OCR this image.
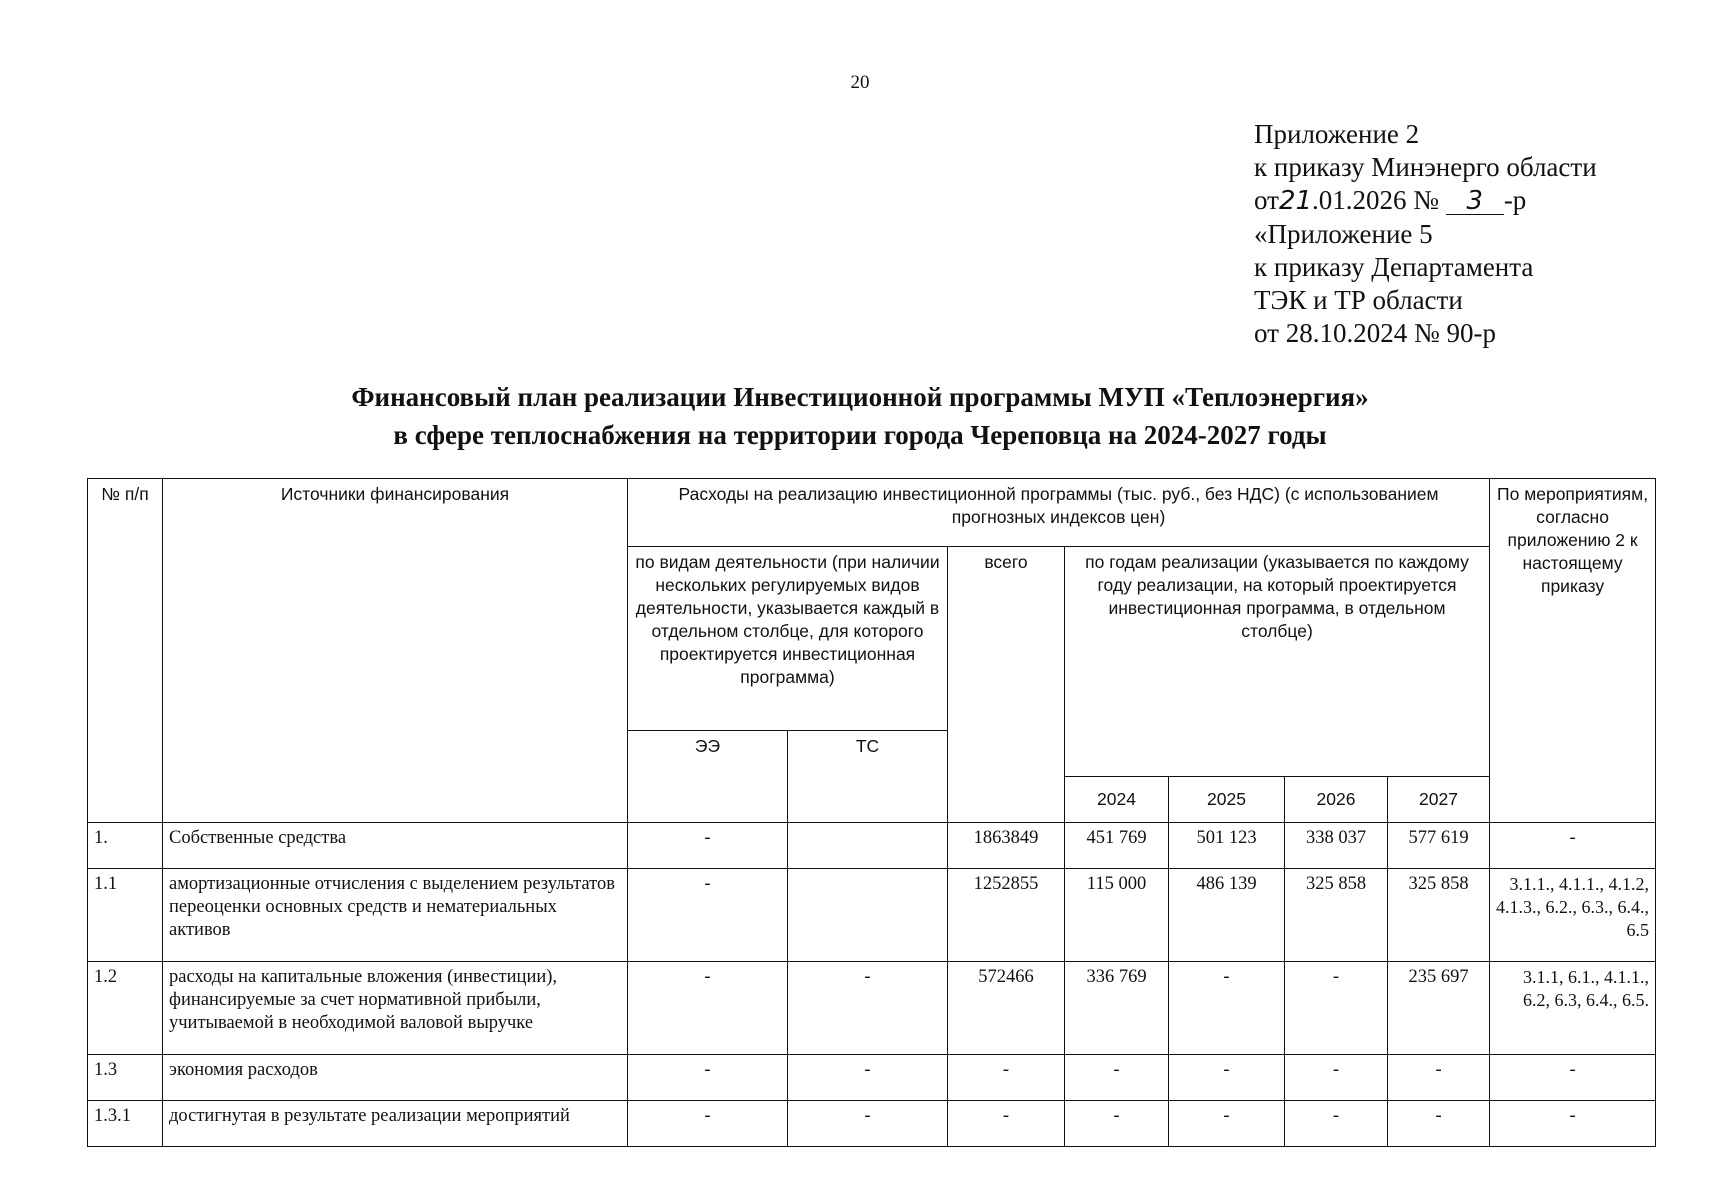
20
Приложение 2
к приказу Минэнерго области
от21.01.2026 № 3 -р
«Приложение 5
к приказу Департамента
ТЭК и ТР области
от 28.10.2024 № 90-р
Финансовый план реализации Инвестиционной программы МУП «Теплоэнергия»
в сфере теплоснабжения на территории города Череповца на 2024-2027 годы
№ п/п	Источники финансирования	Расходы на реализацию инвестиционной программы (тыс. руб., без НДС) (с использованием прогнозных индексов цен)							По мероприятиям, согласно приложению 2 к настоящему приказу
		по видам деятельности (при наличии нескольких регулируемых видов деятельности, указывается каждый в отдельном столбце, для которого проектируется инвестиционная программа)		всего	по годам реализации (указывается по каждому году реализации, на который проектируется инвестиционная программа, в отдельном столбце)				
		ЭЭ	ТС						
					2024	2025	2026	2027	
1.	Собственные средства	-		1863849	451 769	501 123	338 037	577 619	-
1.1	амортизационные отчисления с выделением результатов переоценки основных средств и нематериальных активов	-		1252855	115 000	486 139	325 858	325 858	3.1.1., 4.1.1., 4.1.2, 4.1.3., 6.2., 6.3., 6.4., 6.5
1.2	расходы на капитальные вложения (инвестиции), финансируемые за счет нормативной прибыли, учитываемой в необходимой валовой выручке	-	-	572466	336 769	-	-	235 697	3.1.1, 6.1., 4.1.1., 6.2, 6.3, 6.4., 6.5.
1.3	экономия расходов	-	-	-	-	-	-	-	-
1.3.1	достигнутая в результате реализации мероприятий	-	-	-	-	-	-	-	-
